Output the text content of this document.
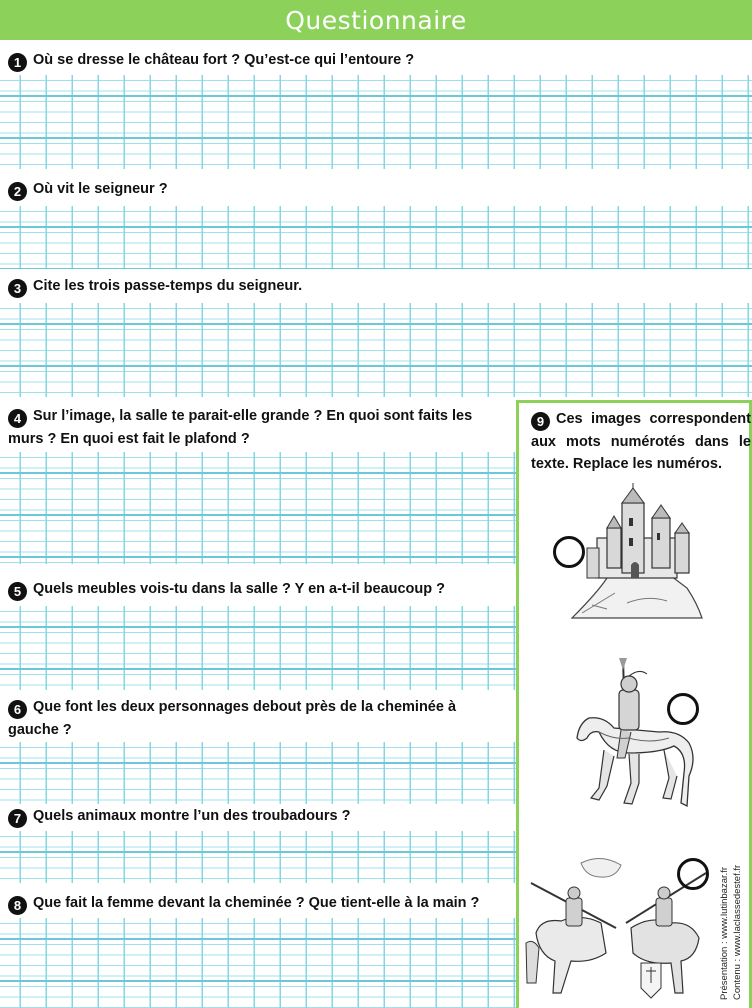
Questionnaire
1 Où se dresse le château fort ? Qu’est-ce qui l’entoure ?
2 Où vit le seigneur ?
3 Cite les trois passe-temps du seigneur.
4 Sur l’image, la salle te parait-elle grande ? En quoi sont faits les murs ? En quoi est fait le plafond ?
5 Quels meubles vois-tu dans la salle ? Y en a-t-il beaucoup ?
6 Que font les deux personnages debout près de la cheminée à gauche ?
7 Quels animaux montre l’un des troubadours ?
8 Que fait la femme devant la cheminée ? Que tient-elle à la main ?
9 Ces images correspondent aux mots numérotés dans le texte. Replace les numéros.
Présentation : www.lutinbazar.fr Contenu : www.laclassedestef.fr
